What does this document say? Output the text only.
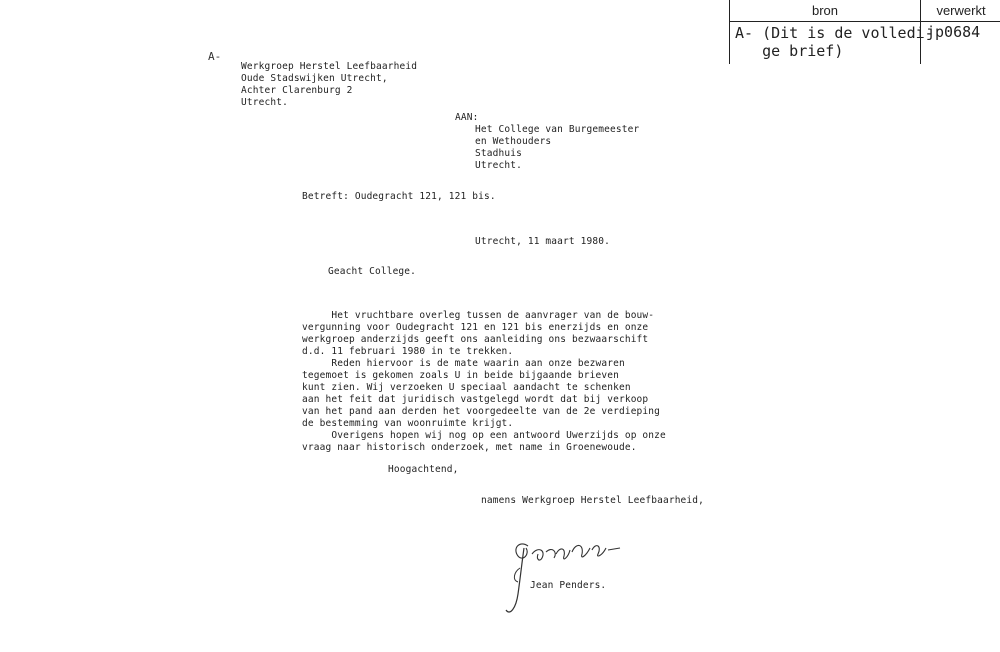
bron	verwerkt
A- (Dit is de volledi-
ge brief)
jp0684
A-
Werkgroep Herstel Leefbaarheid
Oude Stadswijken Utrecht,
Achter Clarenburg 2
Utrecht.
AAN:
Het College van Burgemeester
en Wethouders
Stadhuis
Utrecht.
Betreft: Oudegracht 121, 121 bis.
Utrecht, 11 maart 1980.
Geacht College.
Het vruchtbare overleg tussen de aanvrager van de bouw-
vergunning voor Oudegracht 121 en 121 bis enerzijds en onze
werkgroep anderzijds geeft ons aanleiding ons bezwaarschift
d.d. 11 februari 1980 in te trekken.
Reden hiervoor is de mate waarin aan onze bezwaren
tegemoet is gekomen zoals U in beide bijgaande brieven
kunt zien. Wij verzoeken U speciaal aandacht te schenken
aan het feit dat juridisch vastgelegd wordt dat bij verkoop
van het pand aan derden het voorgedeelte van de 2e verdieping
de bestemming van woonruimte krijgt.
Overigens hopen wij nog op een antwoord Uwerzijds op onze
vraag naar historisch onderzoek, met name in Groenewoude.
Hoogachtend,
namens Werkgroep Herstel Leefbaarheid,
Jean Penders.
